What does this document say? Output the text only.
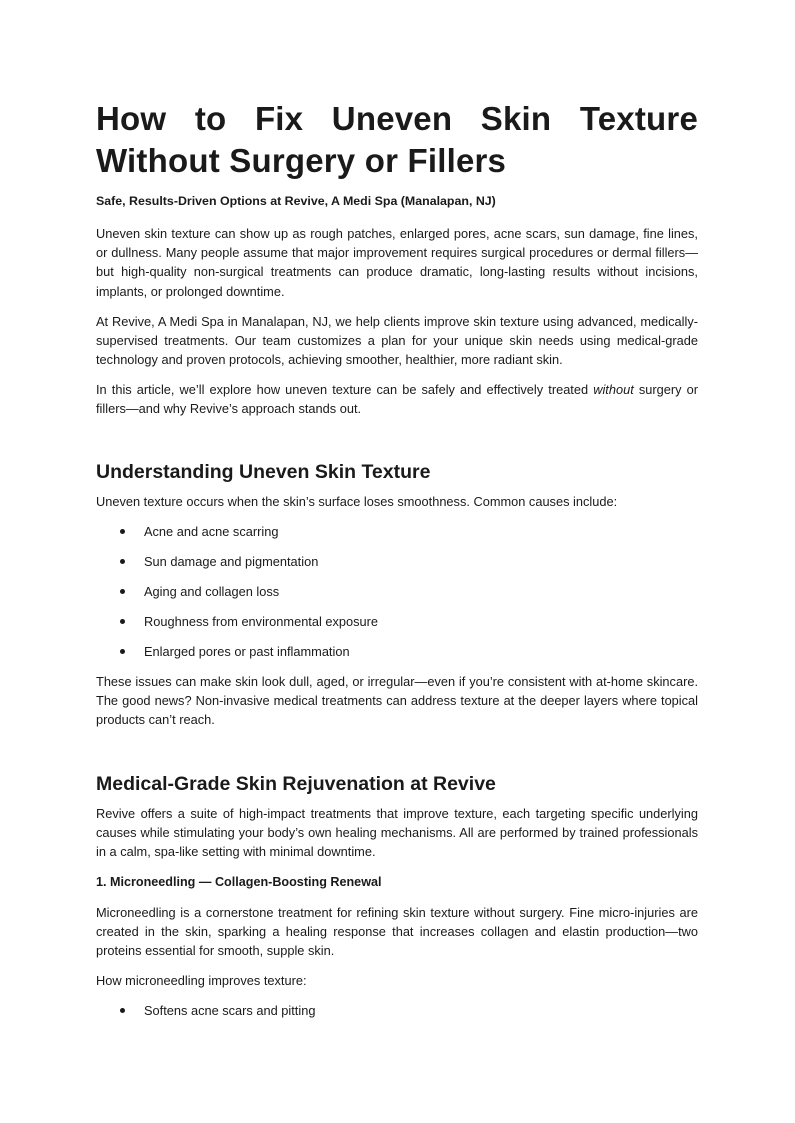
How to Fix Uneven Skin Texture
Without Surgery or Fillers

Safe, Results-Driven Options at Revive, A Medi Spa (Manalapan, NJ)

Uneven skin texture can show up as rough patches, enlarged pores, acne scars, sun damage, fine lines, or dullness. Many people assume that major improvement requires surgical procedures or dermal fillers—but high-quality non-surgical treatments can produce dramatic, long-lasting results without incisions, implants, or prolonged downtime.

At Revive, A Medi Spa in Manalapan, NJ, we help clients improve skin texture using advanced, medically-supervised treatments. Our team customizes a plan for your unique skin needs using medical-grade technology and proven protocols, achieving smoother, healthier, more radiant skin.

In this article, we’ll explore how uneven texture can be safely and effectively treated without surgery or fillers—and why Revive’s approach stands out.

Understanding Uneven Skin Texture

Uneven texture occurs when the skin’s surface loses smoothness. Common causes include:

Acne and acne scarring
Sun damage and pigmentation
Aging and collagen loss
Roughness from environmental exposure
Enlarged pores or past inflammation

These issues can make skin look dull, aged, or irregular—even if you’re consistent with at-home skincare. The good news? Non-invasive medical treatments can address texture at the deeper layers where topical products can’t reach.

Medical-Grade Skin Rejuvenation at Revive

Revive offers a suite of high-impact treatments that improve texture, each targeting specific underlying causes while stimulating your body’s own healing mechanisms. All are performed by trained professionals in a calm, spa-like setting with minimal downtime.

1. Microneedling — Collagen-Boosting Renewal

Microneedling is a cornerstone treatment for refining skin texture without surgery. Fine micro-injuries are created in the skin, sparking a healing response that increases collagen and elastin production—two proteins essential for smooth, supple skin.

How microneedling improves texture:

Softens acne scars and pitting
